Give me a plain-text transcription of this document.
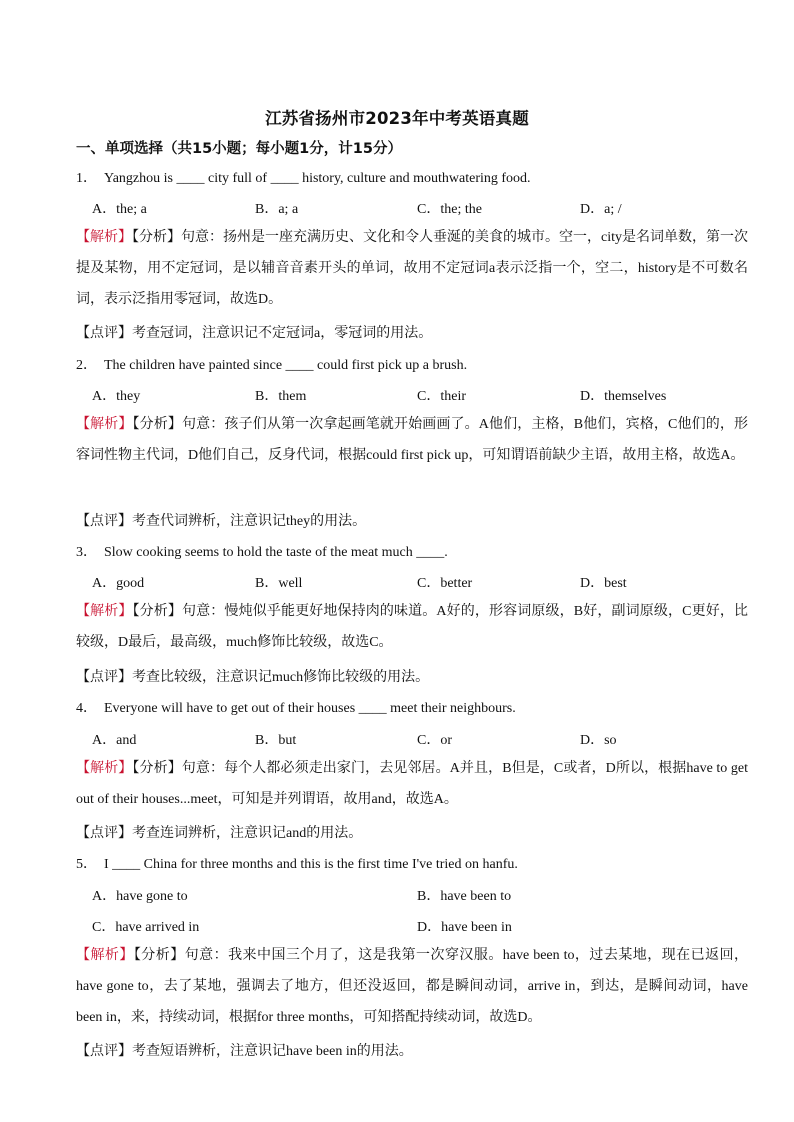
江苏省扬州市2023年中考英语真题
一、单项选择（共15小题；每小题1分，计15分）
1． Yangzhou is ____ city full of ____ history, culture and mouthwatering food.
A．the; a	B．a; a	C．the; the	D．a; /
【解析】【分析】句意：扬州是一座充满历史、文化和令人垂涎的美食的城市。空一，city是名词单数，第一次提及某物，用不定冠词，是以辅音音素开头的单词，故用不定冠词a表示泛指一个，空二，history是不可数名词，表示泛指用零冠词，故选D。
【点评】考查冠词，注意识记不定冠词a，零冠词的用法。
2． The children have painted since ____ could first pick up a brush.
A．they	B．them	C．their	D．themselves
【解析】【分析】句意：孩子们从第一次拿起画笔就开始画画了。A他们，主格，B他们，宾格，C他们的，形容词性物主代词，D他们自己，反身代词，根据could first pick up，可知谓语前缺少主语，故用主格，故选A。
【点评】考查代词辨析，注意识记they的用法。
3． Slow cooking seems to hold the taste of the meat much ____.
A．good	B．well	C．better	D．best
【解析】【分析】句意：慢炖似乎能更好地保持肉的味道。A好的，形容词原级，B好，副词原级，C更好，比较级，D最后，最高级，much修饰比较级，故选C。
【点评】考查比较级，注意识记much修饰比较级的用法。
4． Everyone will have to get out of their houses ____ meet their neighbours.
A．and	B．but	C．or	D．so
【解析】【分析】句意：每个人都必须走出家门，去见邻居。A并且，B但是，C或者，D所以，根据have to get out of their houses...meet，可知是并列谓语，故用and，故选A。
【点评】考查连词辨析，注意识记and的用法。
5． I ____ China for three months and this is the first time I've tried on hanfu.
A．have gone to	B．have been to
C．have arrived in	D．have been in
【解析】【分析】句意：我来中国三个月了，这是我第一次穿汉服。have been to，过去某地，现在已返回，have gone to，去了某地，强调去了地方，但还没返回，都是瞬间动词，arrive in，到达，是瞬间动词，have been in，来，持续动词，根据for three months，可知搭配持续动词，故选D。
【点评】考查短语辨析，注意识记have been in的用法。
